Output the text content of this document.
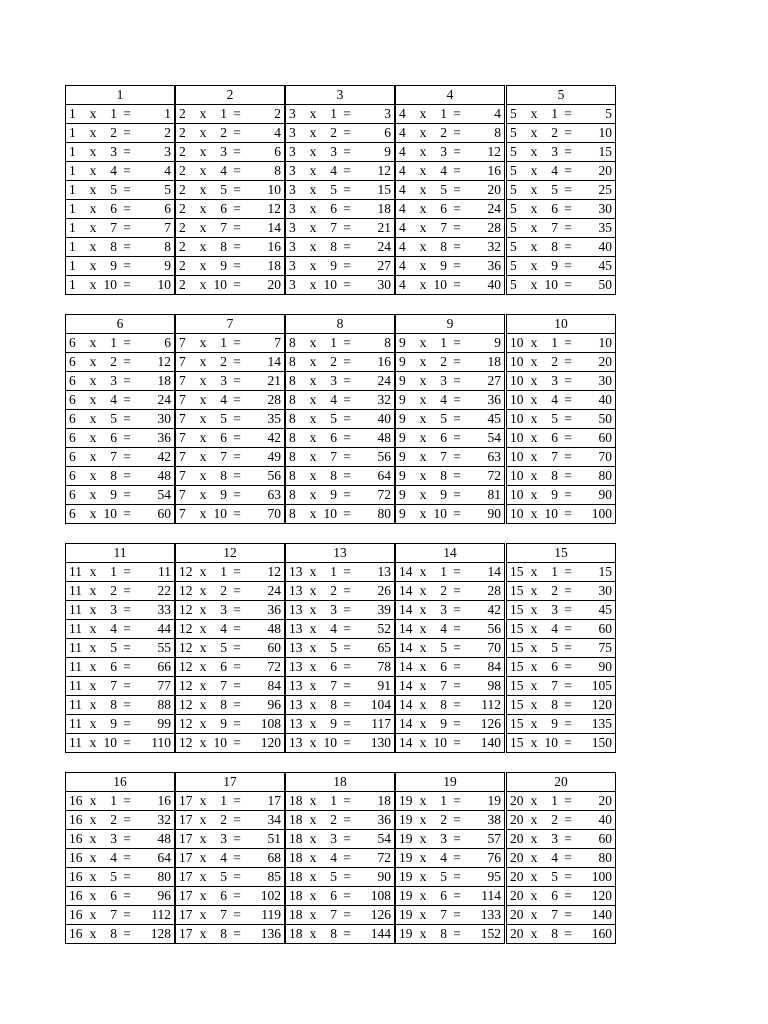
1

1	x	1 =	1

1	x	2 =	2

1	x	3 =	3

1	x	4 =	4

1	x	5 =	5

1	x	6 =	6

1	x	7 =	7

1	x	8 =	8

1	x	9 =	9

1	x 10 =	10
2

2	x	1 =	2

2	x	2 =	4

2	x	3 =	6

2	x	4 =	8

2	x	5 =	10

2	x	6 =	12

2	x	7 =	14

2	x	8 =	16

2	x	9 =	18

2	x 10 =	20
3

3	x	1 =	3

3	x	2 =	6

3	x	3 =	9

3	x	4 =	12

3	x	5 =	15

3	x	6 =	18

3	x	7 =	21

3	x	8 =	24

3	x	9 =	27

3	x 10 =	30
4

4	x	1 =	4

4	x	2 =	8

4	x	3 =	12

4	x	4 =	16

4	x	5 =	20

4	x	6 =	24

4	x	7 =	28

4	x	8 =	32

4	x	9 =	36

4	x 10 =	40
5

5	x	1 =	5

5	x	2 =	10

5	x	3 =	15

5	x	4 =	20

5	x	5 =	25

5	x	6 =	30

5	x	7 =	35

5	x	8 =	40

5	x	9 =	45

5	x 10 =	50
6

6	x	1 =	6

6	x	2 =	12

6	x	3 =	18

6	x	4 =	24

6	x	5 =	30

6	x	6 =	36

6	x	7 =	42

6	x	8 =	48

6	x	9 =	54

6	x 10 =	60
7

7	x	1 =	7

7	x	2 =	14

7	x	3 =	21

7	x	4 =	28

7	x	5 =	35

7	x	6 =	42

7	x	7 =	49

7	x	8 =	56

7	x	9 =	63

7	x 10 =	70
8

8	x	1 =	8

8	x	2 =	16

8	x	3 =	24

8	x	4 =	32

8	x	5 =	40

8	x	6 =	48

8	x	7 =	56

8	x	8 =	64

8	x	9 =	72

8	x 10 =	80
9

9	x	1 =	9

9	x	2 =	18

9	x	3 =	27

9	x	4 =	36

9	x	5 =	45

9	x	6 =	54

9	x	7 =	63

9	x	8 =	72

9	x	9 =	81

9	x 10 =	90
10

10 x	1 =	10

10 x	2 =	20

10 x	3 =	30

10 x	4 =	40

10 x	5 =	50

10 x	6 =	60

10 x	7 =	70

10 x	8 =	80

10 x	9 =	90

10 x 10 =	100
11

11 x	1 =	11

11 x	2 =	22

11 x	3 =	33

11 x	4 =	44

11 x	5 =	55

11 x	6 =	66

11 x	7 =	77

11 x	8 =	88

11 x	9 =	99

11 x 10 =	110
12

12 x	1 =	12

12 x	2 =	24

12 x	3 =	36

12 x	4 =	48

12 x	5 =	60

12 x	6 =	72

12 x	7 =	84

12 x	8 =	96

12 x	9 =	108

12 x 10 =	120
13

13 x	1 =	13

13 x	2 =	26

13 x	3 =	39

13 x	4 =	52

13 x	5 =	65

13 x	6 =	78

13 x	7 =	91

13 x	8 =	104

13 x	9 =	117

13 x 10 =	130
14

14 x	1 =	14

14 x	2 =	28

14 x	3 =	42

14 x	4 =	56

14 x	5 =	70

14 x	6 =	84

14 x	7 =	98

14 x	8 =	112

14 x	9 =	126

14 x 10 =	140
15

15 x	1 =	15

15 x	2 =	30

15 x	3 =	45

15 x	4 =	60

15 x	5 =	75

15 x	6 =	90

15 x	7 =	105

15 x	8 =	120

15 x	9 =	135

15 x 10 =	150
16

16 x	1 =	16

16 x	2 =	32

16 x	3 =	48

16 x	4 =	64

16 x	5 =	80

16 x	6 =	96

16 x	7 =	112

16 x	8 =	128
17

17 x	1 =	17

17 x	2 =	34

17 x	3 =	51

17 x	4 =	68

17 x	5 =	85

17 x	6 =	102

17 x	7 =	119

17 x	8 =	136
18

18 x	1 =	18

18 x	2 =	36

18 x	3 =	54

18 x	4 =	72

18 x	5 =	90

18 x	6 =	108

18 x	7 =	126

18 x	8 =	144
19

19 x	1 =	19

19 x	2 =	38

19 x	3 =	57

19 x	4 =	76

19 x	5 =	95

19 x	6 =	114

19 x	7 =	133

19 x	8 =	152
20

20 x	1 =	20

20 x	2 =	40

20 x	3 =	60

20 x	4 =	80

20 x	5 =	100

20 x	6 =	120

20 x	7 =	140

20 x	8 =	160
